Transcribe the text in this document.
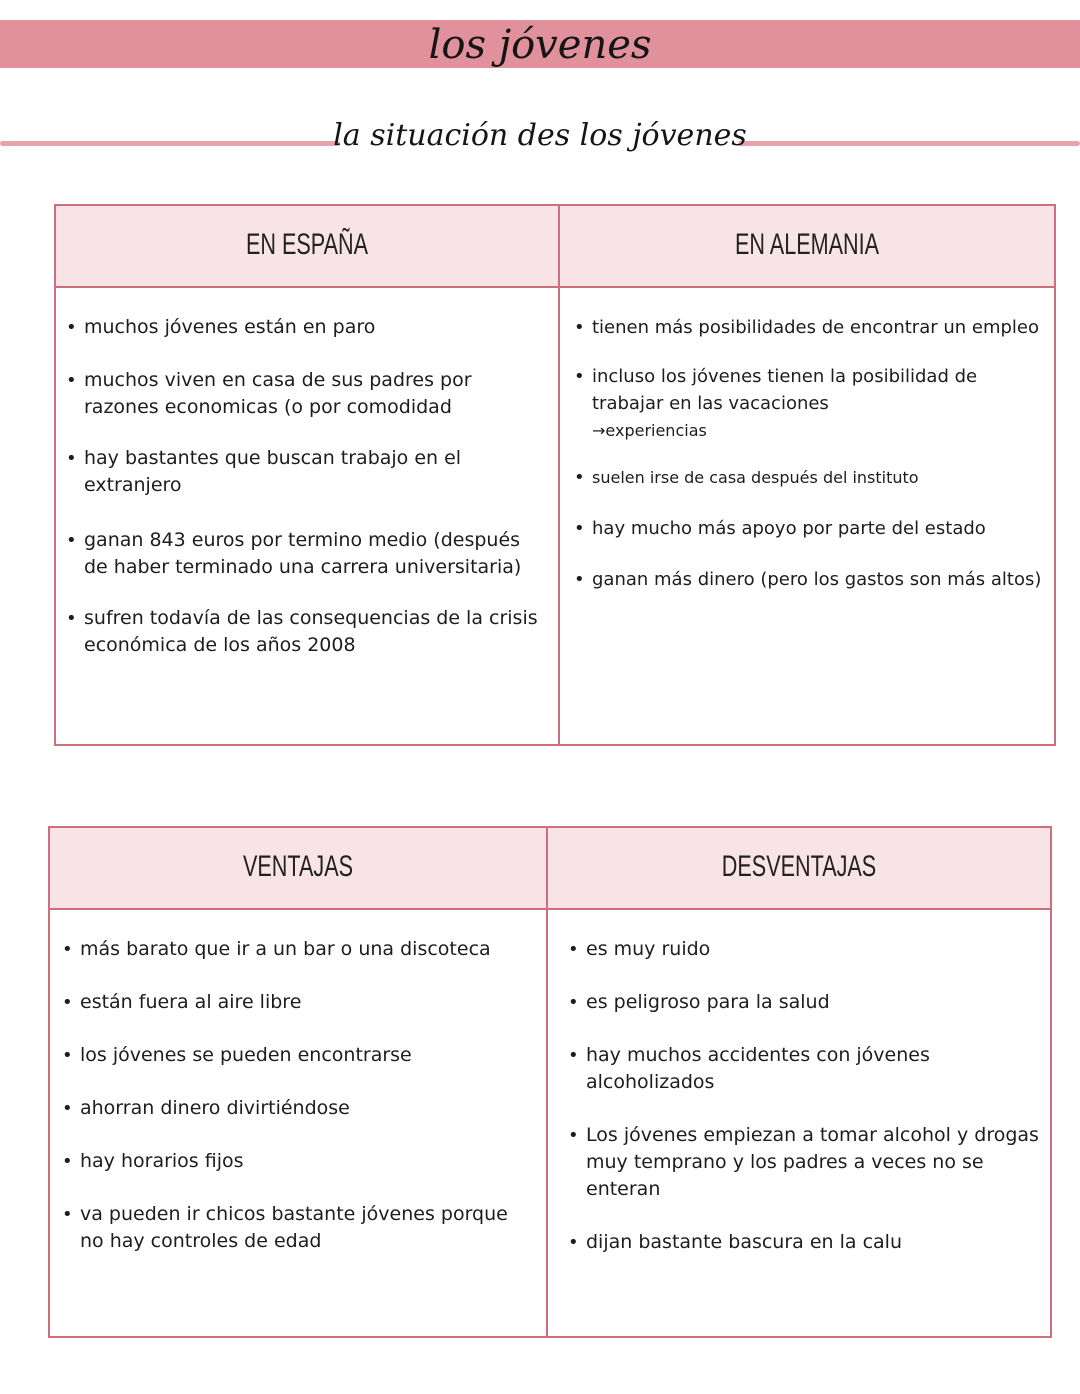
los jóvenes
la situación des los jóvenes
EN ESPAÑA	EN ALEMANIA
• muchos jóvenes están en paro
• muchos viven en casa de sus padres por razones economicas (o por comodidad
• hay bastantes que buscan trabajo en el extranjero
• ganan 843 euros por termino medio (después de haber terminado una carrera universitaria)
• sufren todavía de las consequencias de la crisis económica de los años 2008
• tienen más posibilidades de encontrar un empleo
• incluso los jóvenes tienen la posibilidad de trabajar en las vacaciones
→experiencias
• suelen irse de casa después del instituto
• hay mucho más apoyo por parte del estado
• ganan más dinero (pero los gastos son más altos)
VENTAJAS	DESVENTAJAS
• más barato que ir a un bar o una discoteca
• están fuera al aire libre
• los jóvenes se pueden encontrarse
• ahorran dinero divirtiéndose
• hay horarios fijos
• va pueden ir chicos bastante jóvenes porque no hay controles de edad
• es muy ruido
• es peligroso para la salud
• hay muchos accidentes con jóvenes alcoholizados
• Los jóvenes empiezan a tomar alcohol y drogas muy temprano y los padres a veces no se enteran
• dijan bastante bascura en la calu
